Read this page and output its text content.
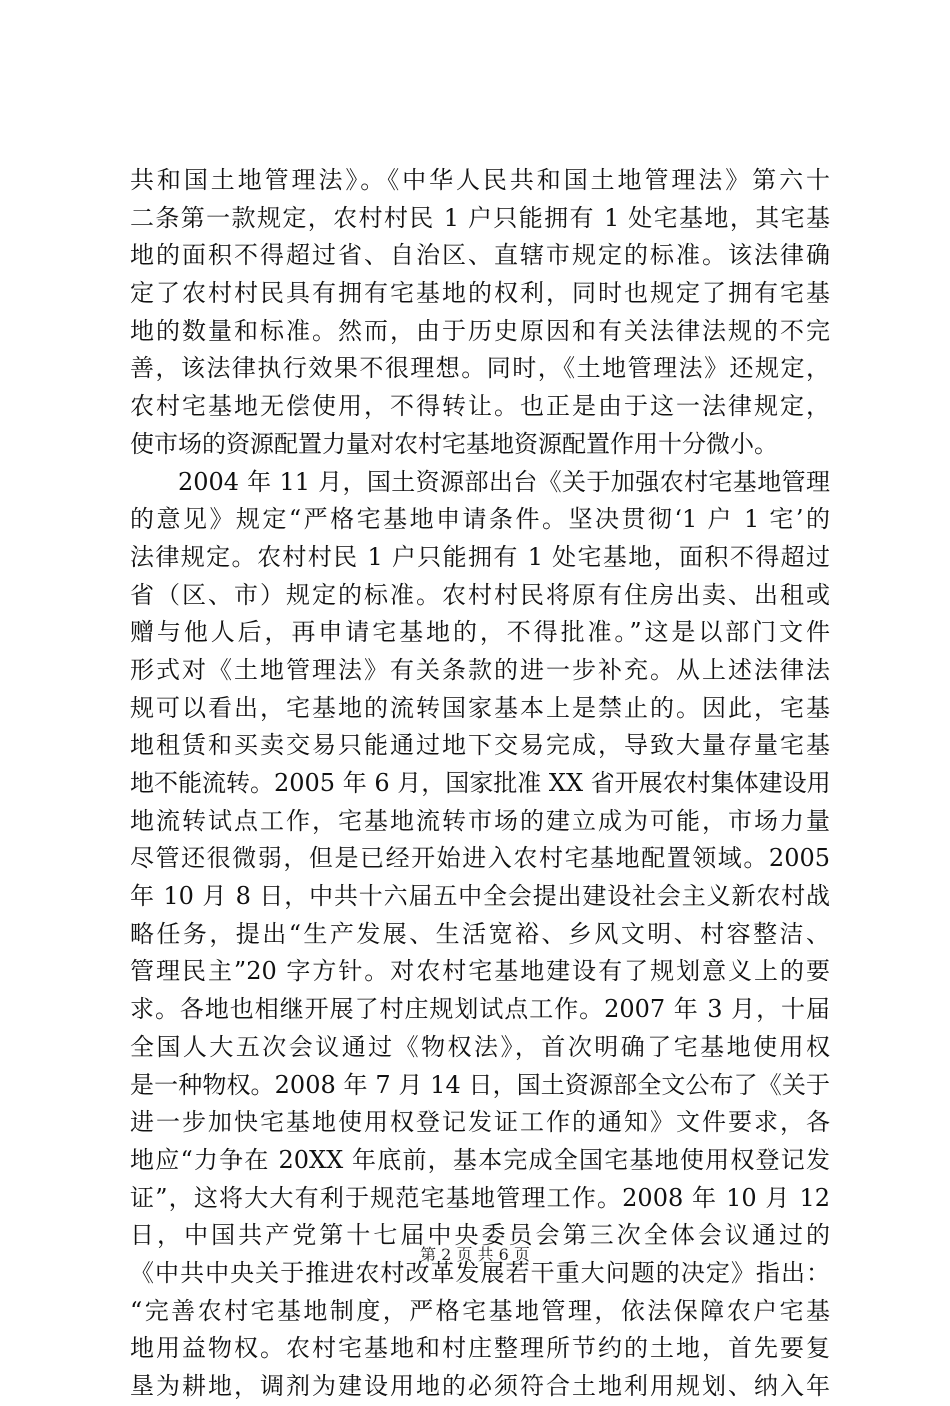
共和国土地管理法》。《中华人民共和国土地管理法》第六十
二条第一款规定，农村村民 1 户只能拥有 1 处宅基地，其宅基
地的面积不得超过省、自治区、直辖市规定的标准。该法律确
定了农村村民具有拥有宅基地的权利，同时也规定了拥有宅基
地的数量和标准。然而，由于历史原因和有关法律法规的不完
善，该法律执行效果不很理想。同时，《土地管理法》还规定，
农村宅基地无偿使用，不得转让。也正是由于这一法律规定，
使市场的资源配置力量对农村宅基地资源配置作用十分微小。
2004 年 11 月，国土资源部出台《关于加强农村宅基地管理
的意见》规定“严格宅基地申请条件。坚决贯彻‘1 户 1 宅’的
法律规定。农村村民 1 户只能拥有 1 处宅基地，面积不得超过
省（区、市）规定的标准。农村村民将原有住房出卖、出租或
赠与他人后，再申请宅基地的，不得批准。”这是以部门文件
形式对《土地管理法》有关条款的进一步补充。从上述法律法
规可以看出，宅基地的流转国家基本上是禁止的。因此，宅基
地租赁和买卖交易只能通过地下交易完成，导致大量存量宅基
地不能流转。2005 年 6 月，国家批准 XX 省开展农村集体建设用
地流转试点工作，宅基地流转市场的建立成为可能，市场力量
尽管还很微弱，但是已经开始进入农村宅基地配置领域。2005
年 10 月 8 日，中共十六届五中全会提出建设社会主义新农村战
略任务，提出“生产发展、生活宽裕、乡风文明、村容整洁、
管理民主”20 字方针。对农村宅基地建设有了规划意义上的要
求。各地也相继开展了村庄规划试点工作。2007 年 3 月，十届
全国人大五次会议通过《物权法》，首次明确了宅基地使用权
是一种物权。2008 年 7 月 14 日，国土资源部全文公布了《关于
进一步加快宅基地使用权登记发证工作的通知》文件要求，各
地应“力争在 20XX 年底前，基本完成全国宅基地使用权登记发
证”，这将大大有利于规范宅基地管理工作。2008 年 10 月 12
日，中国共产党第十七届中央委员会第三次全体会议通过的
《中共中央关于推进农村改革发展若干重大问题的决定》指出：
“完善农村宅基地制度，严格宅基地管理，依法保障农户宅基
地用益物权。农村宅基地和村庄整理所节约的土地，首先要复
垦为耕地，调剂为建设用地的必须符合土地利用规划、纳入年
第 2 页 共 6 页
